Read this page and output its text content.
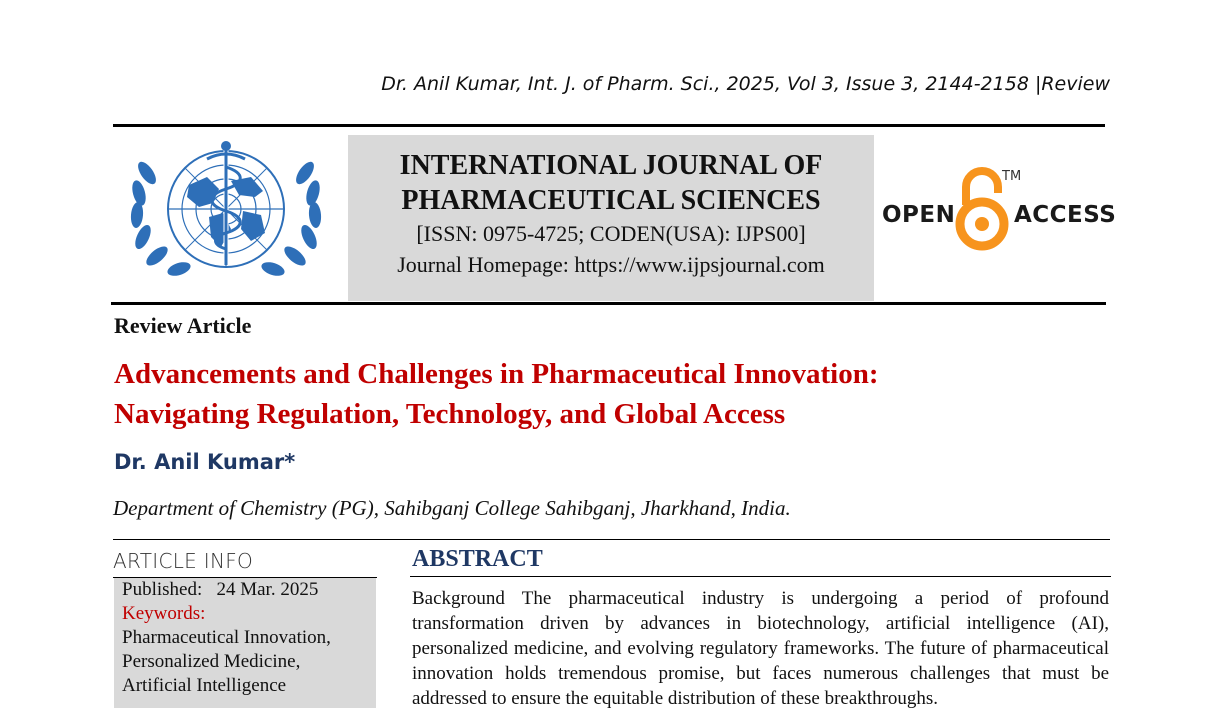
Dr. Anil Kumar, Int. J. of Pharm. Sci., 2025, Vol 3, Issue 3, 2144-2158 |Review
INTERNATIONAL JOURNAL OF
PHARMACEUTICAL SCIENCES
[ISSN: 0975-4725; CODEN(USA): IJPS00]
Journal Homepage: https://www.ijpsjournal.com
OPEN
TM
ACCESS
Review Article
Advancements and Challenges in Pharmaceutical Innovation:
Navigating Regulation, Technology, and Global Access
Dr. Anil Kumar*
Department of Chemistry (PG), Sahibganj College Sahibganj, Jharkhand, India.
ARTICLE INFO
Published: 24 Mar. 2025
Keywords:
Pharmaceutical Innovation,
Personalized Medicine,
Artificial Intelligence
ABSTRACT
Background The pharmaceutical industry is undergoing a period of profound transformation driven by advances in biotechnology, artificial intelligence (AI), personalized medicine, and evolving regulatory frameworks. The future of pharmaceutical innovation holds tremendous promise, but faces numerous challenges that must be addressed to ensure the equitable distribution of these breakthroughs.
